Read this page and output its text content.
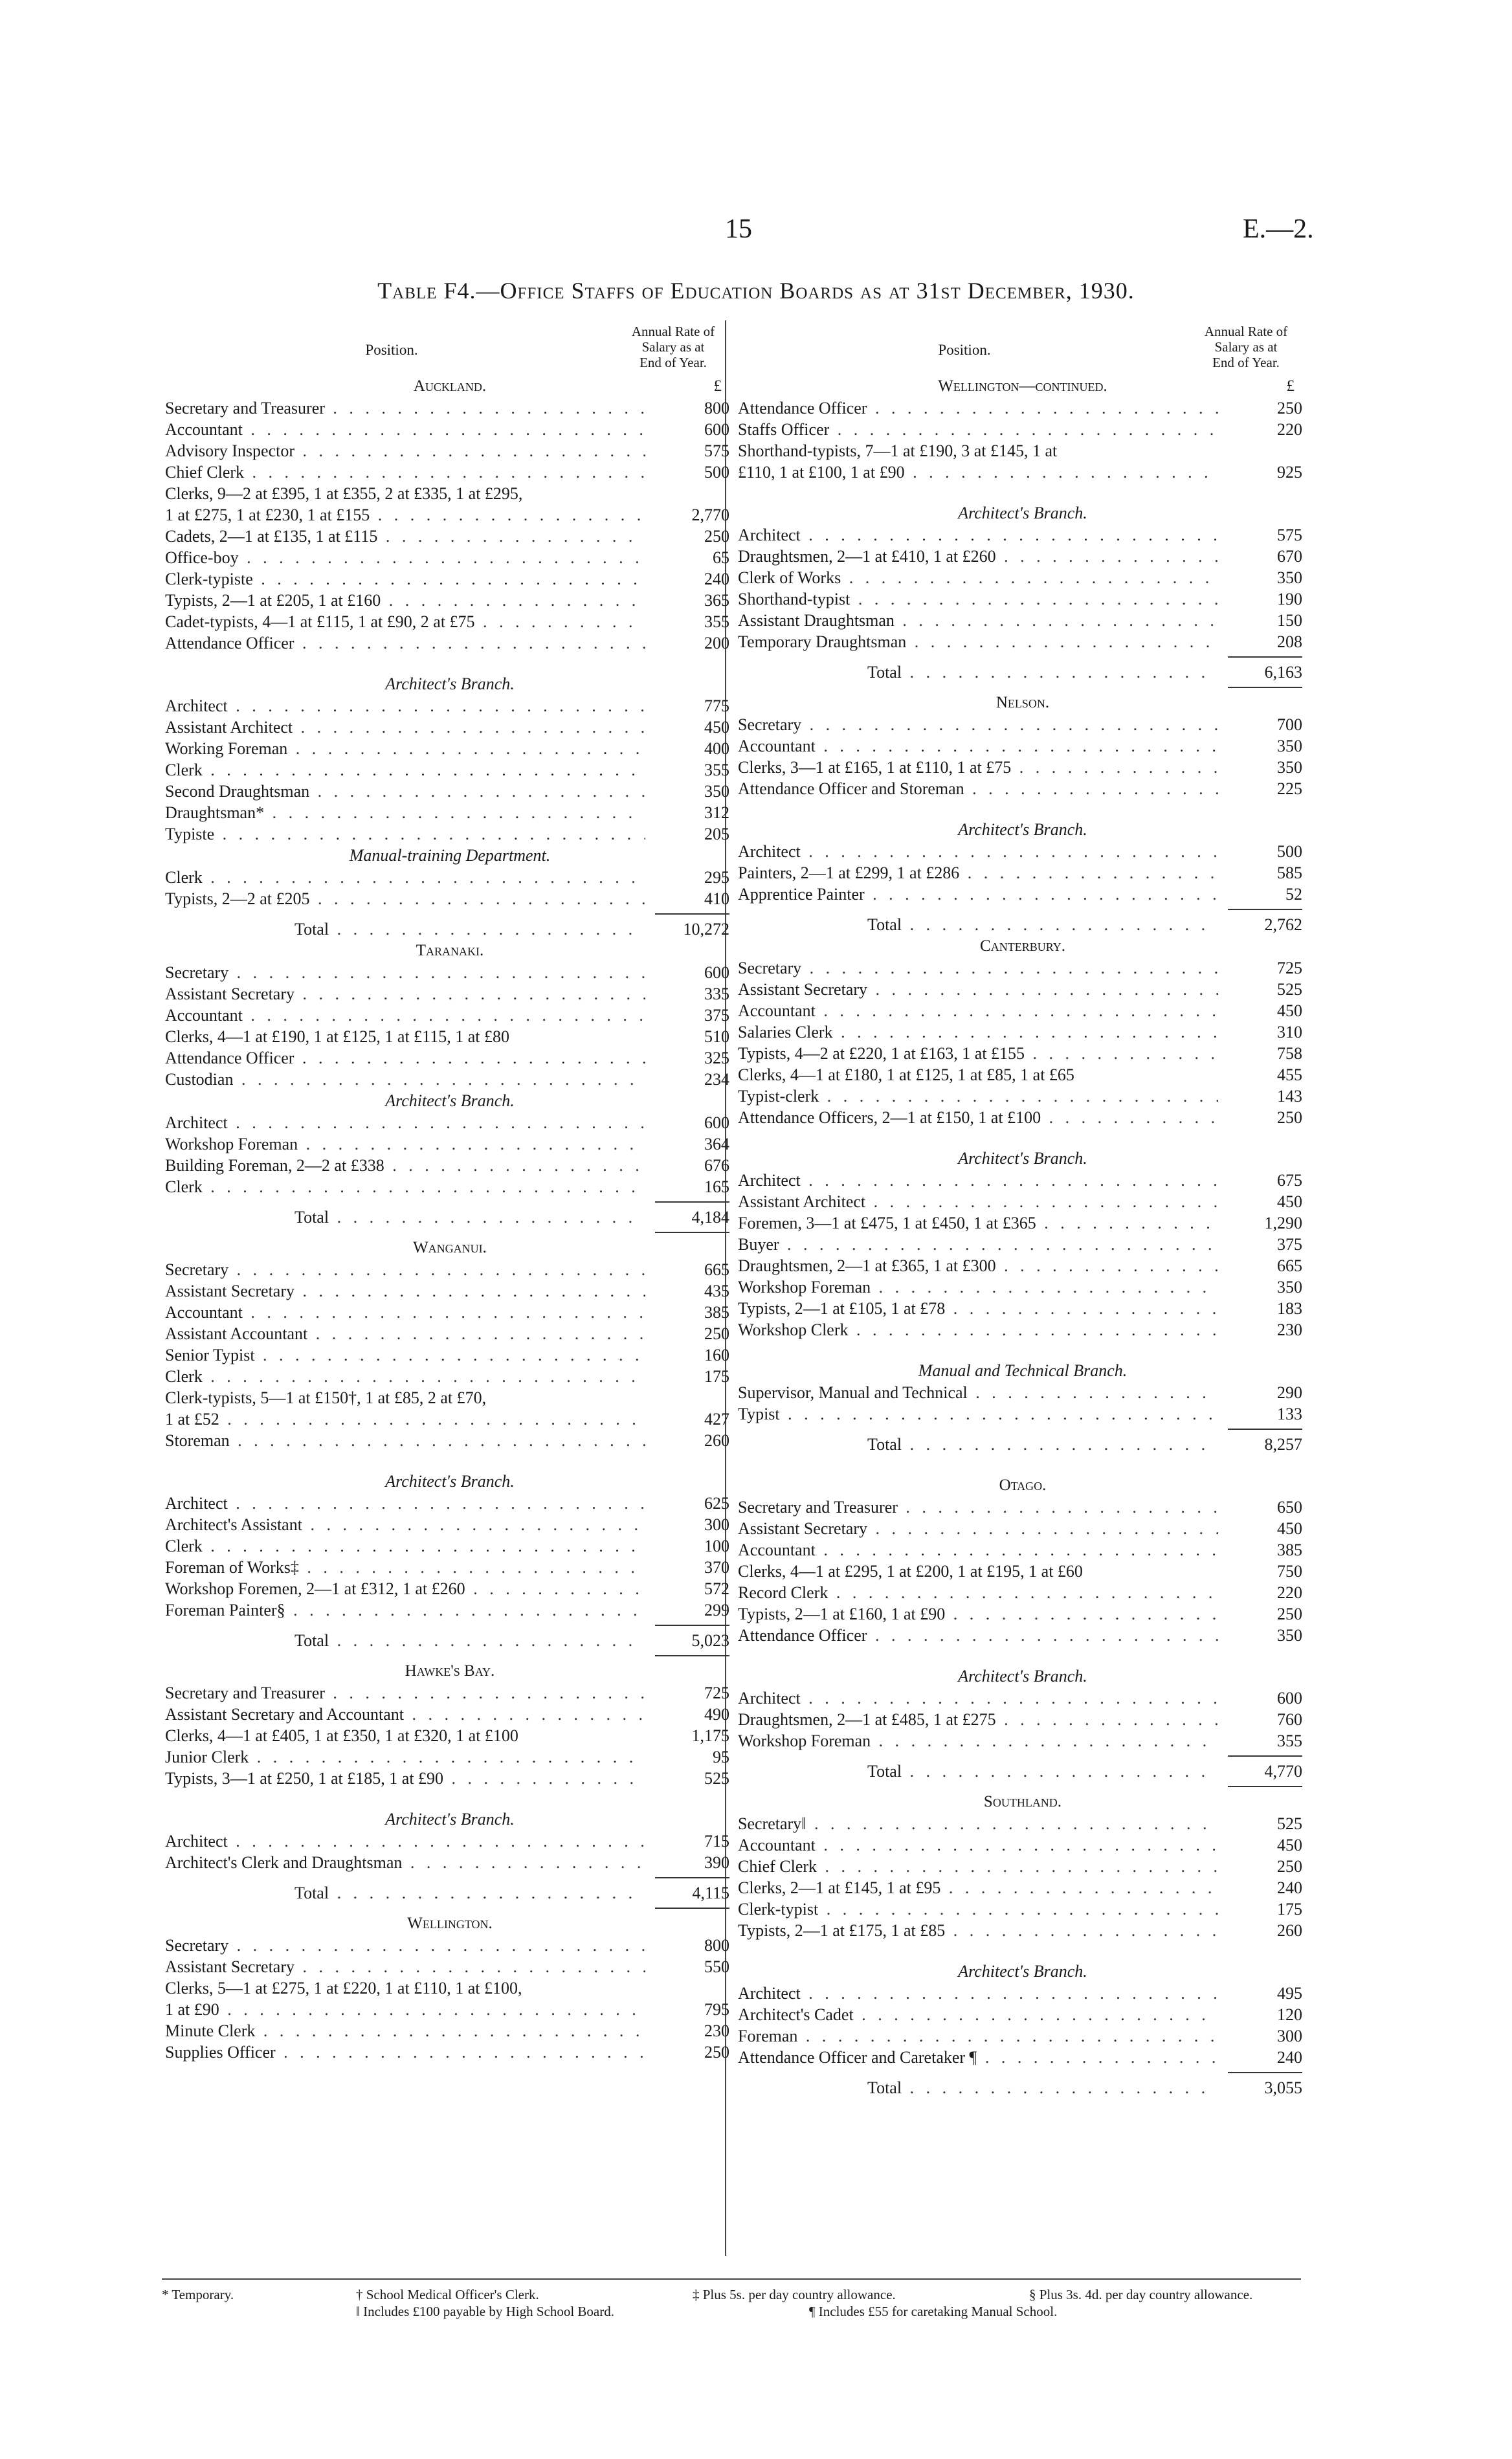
15	E.—2.
Table F4.—Office Staffs of Education Boards as at 31st December, 1930.
Position.
Annual Rate of
Salary as at
End of Year.
Auckland.	£
Secretary and Treasurer . . .	800
Accountant . . .	600
Advisory Inspector . . .	575
Chief Clerk . . .	500
Clerks, 9—2 at £395, 1 at £355, 2 at £335, 1 at £295,
1 at £275, 1 at £230, 1 at £155 . . .	2,770
Cadets, 2—1 at £135, 1 at £115 . . .	250
Office-boy . . .	65
Clerk-typiste . . .	240
Typists, 2—1 at £205, 1 at £160 . . .	365
Cadet-typists, 4—1 at £115, 1 at £90, 2 at £75 . . .	355
Attendance Officer . . .	200
Architect's Branch.
Architect . . .	775
Assistant Architect . . .	450
Working Foreman . . .	400
Clerk . . .	355
Second Draughtsman . . .	350
Draughtsman* . . .	312
Typiste . . .	205
Manual-training Department.
Clerk . . .	295
Typists, 2—2 at £205 . . .	410
Total . . .	10,272
Taranaki.
Secretary . . .	600
Assistant Secretary . . .	335
Accountant . . .	375
Clerks, 4—1 at £190, 1 at £125, 1 at £115, 1 at £80	510
Attendance Officer . . .	325
Custodian . . .	234
Architect's Branch.
Architect . . .	600
Workshop Foreman . . .	364
Building Foreman, 2—2 at £338 . . .	676
Clerk . . .	165
Total . . .	4,184
Wanganui.
Secretary . . .	665
Assistant Secretary . . .	435
Accountant . . .	385
Assistant Accountant . . .	250
Senior Typist . . .	160
Clerk . . .	175
Clerk-typists, 5—1 at £150†, 1 at £85, 2 at £70,
1 at £52 . . .	427
Storeman . . .	260
Architect's Branch.
Architect . . .	625
Architect's Assistant . . .	300
Clerk . . .	100
Foreman of Works‡ . . .	370
Workshop Foremen, 2—1 at £312, 1 at £260 . . .	572
Foreman Painter§ . . .	299
Total . . .	5,023
Hawke's Bay.
Secretary and Treasurer . . .	725
Assistant Secretary and Accountant . . .	490
Clerks, 4—1 at £405, 1 at £350, 1 at £320, 1 at £100	1,175
Junior Clerk . . .	95
Typists, 3—1 at £250, 1 at £185, 1 at £90 . . .	525
Architect's Branch.
Architect . . .	715
Architect's Clerk and Draughtsman . . .	390
Total . . .	4,115
Wellington.
Secretary . . .	800
Assistant Secretary . . .	550
Clerks, 5—1 at £275, 1 at £220, 1 at £110, 1 at £100,
1 at £90 . . .	795
Minute Clerk . . .	230
Supplies Officer . . .	250
Position.
Annual Rate of
Salary as at
End of Year.
Wellington—continued.	£
Attendance Officer . . .	250
Staffs Officer . . .	220
Shorthand-typists, 7—1 at £190, 3 at £145, 1 at
£110, 1 at £100, 1 at £90 . . .	925
Architect's Branch.
Architect . . .	575
Draughtsmen, 2—1 at £410, 1 at £260 . . .	670
Clerk of Works . . .	350
Shorthand-typist . . .	190
Assistant Draughtsman . . .	150
Temporary Draughtsman . . .	208
Total . . .	6,163
Nelson.
Secretary . . .	700
Accountant . . .	350
Clerks, 3—1 at £165, 1 at £110, 1 at £75 . . .	350
Attendance Officer and Storeman . . .	225
Architect's Branch.
Architect . . .	500
Painters, 2—1 at £299, 1 at £286 . . .	585
Apprentice Painter . . .	52
Total . . .	2,762
Canterbury.
Secretary . . .	725
Assistant Secretary . . .	525
Accountant . . .	450
Salaries Clerk . . .	310
Typists, 4—2 at £220, 1 at £163, 1 at £155 . . .	758
Clerks, 4—1 at £180, 1 at £125, 1 at £85, 1 at £65	455
Typist-clerk . . .	143
Attendance Officers, 2—1 at £150, 1 at £100 . . .	250
Architect's Branch.
Architect . . .	675
Assistant Architect . . .	450
Foremen, 3—1 at £475, 1 at £450, 1 at £365 . . .	1,290
Buyer . . .	375
Draughtsmen, 2—1 at £365, 1 at £300 . . .	665
Workshop Foreman . . .	350
Typists, 2—1 at £105, 1 at £78 . . .	183
Workshop Clerk . . .	230
Manual and Technical Branch.
Supervisor, Manual and Technical . . .	290
Typist . . .	133
Total . . .	8,257
Otago.
Secretary and Treasurer . . .	650
Assistant Secretary . . .	450
Accountant . . .	385
Clerks, 4—1 at £295, 1 at £200, 1 at £195, 1 at £60	750
Record Clerk . . .	220
Typists, 2—1 at £160, 1 at £90 . . .	250
Attendance Officer . . .	350
Architect's Branch.
Architect . . .	600
Draughtsmen, 2—1 at £485, 1 at £275 . . .	760
Workshop Foreman . . .	355
Total . . .	4,770
Southland.
Secretary‖ . . .	525
Accountant . . .	450
Chief Clerk . . .	250
Clerks, 2—1 at £145, 1 at £95 . . .	240
Clerk-typist . . .	175
Typists, 2—1 at £175, 1 at £85 . . .	260
Architect's Branch.
Architect . . .	495
Architect's Cadet . . .	120
Foreman . . .	300
Attendance Officer and Caretaker ¶ . . .	240
Total . . .	3,055
* Temporary.	† School Medical Officer's Clerk.	‡ Plus 5s. per day country allowance.	§ Plus 3s. 4d. per day country allowance.
‖ Includes £100 payable by High School Board.	¶ Includes £55 for caretaking Manual School.
